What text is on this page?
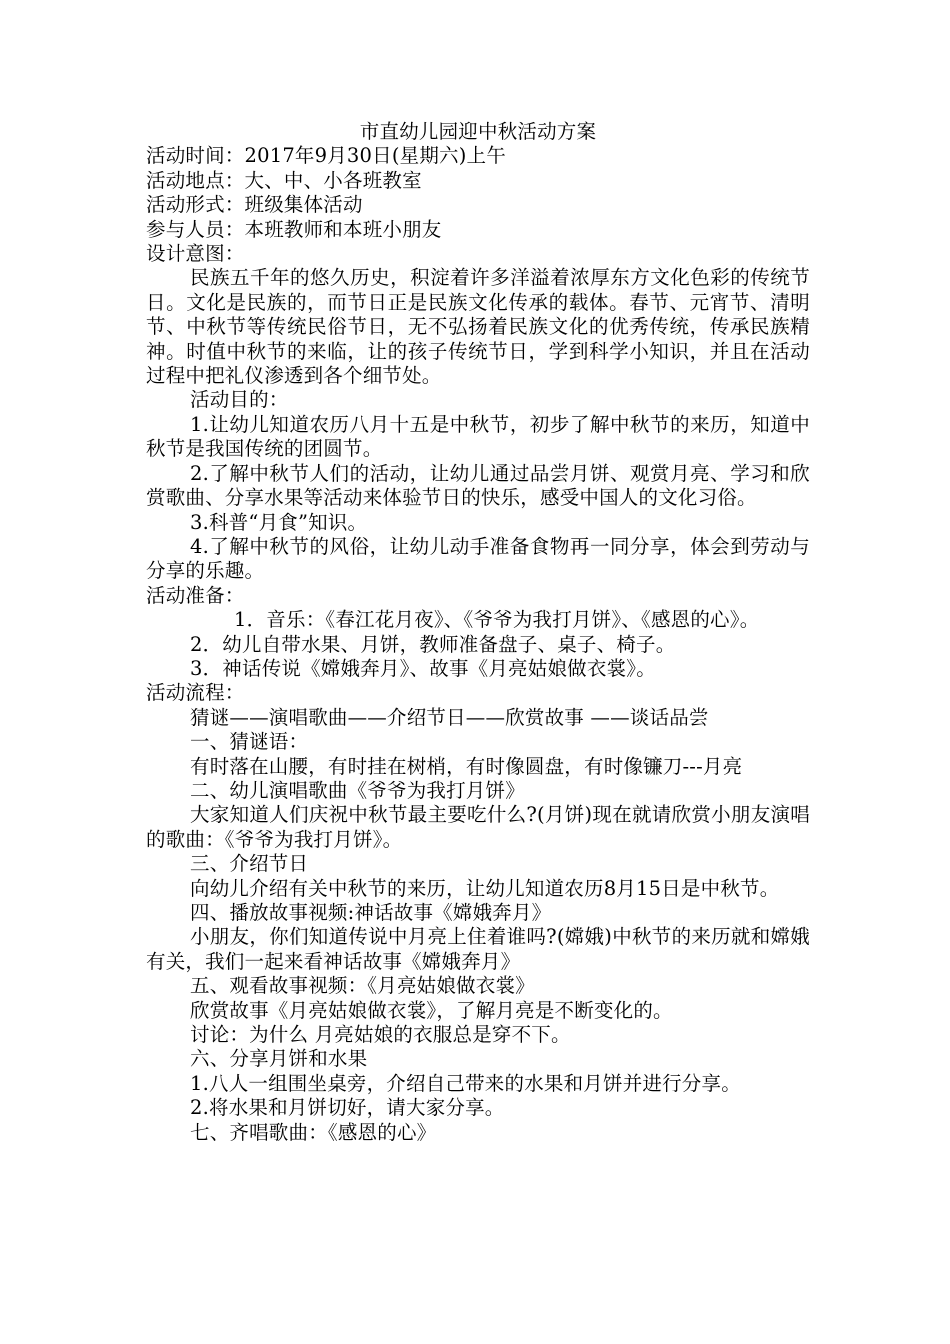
市直幼儿园迎中秋活动方案
活动时间：2017年9月30日(星期六)上午
活动地点：大、中、小各班教室
活动形式：班级集体活动
参与人员：本班教师和本班小朋友
设计意图：

民族五千年的悠久历史，积淀着许多洋溢着浓厚东方文化色彩的传统节日。文化是民族的，而节日正是民族文化传承的载体。春节、元宵节、清明节、中秋节等传统民俗节日，无不弘扬着民族文化的优秀传统，传承民族精神。时值中秋节的来临，让的孩子传统节日，学到科学小知识，并且在活动过程中把礼仪渗透到各个细节处。

活动目的：

1.让幼儿知道农历八月十五是中秋节，初步了解中秋节的来历，知道中秋节是我国传统的团圆节。

2.了解中秋节人们的活动，让幼儿通过品尝月饼、观赏月亮、学习和欣赏歌曲、分享水果等活动来体验节日的快乐，感受中国人的文化习俗。

3.科普“月食”知识。

4.了解中秋节的风俗，让幼儿动手准备食物再一同分享，体会到劳动与分享的乐趣。

活动准备：
1．音乐：《春江花月夜》、《爷爷为我打月饼》、《感恩的心》。
2．幼儿自带水果、月饼，教师准备盘子、桌子、椅子。
3．神话传说《嫦娥奔月》、故事《月亮姑娘做衣裳》。
活动流程：
猜谜——演唱歌曲——介绍节日——欣赏故事 ——谈话品尝
一、猜谜语：
有时落在山腰，有时挂在树梢，有时像圆盘，有时像镰刀---月亮
二、幼儿演唱歌曲《爷爷为我打月饼》

大家知道人们庆祝中秋节最主要吃什么?(月饼)现在就请欣赏小朋友演唱的歌曲：《爷爷为我打月饼》。

三、介绍节日

向幼儿介绍有关中秋节的来历，让幼儿知道农历8月15日是中秋节。

四、播放故事视频:神话故事《嫦娥奔月》

小朋友，你们知道传说中月亮上住着谁吗?(嫦娥)中秋节的来历就和嫦娥有关，我们一起来看神话故事《嫦娥奔月》

五、观看故事视频：《月亮姑娘做衣裳》
欣赏故事《月亮姑娘做衣裳》，了解月亮是不断变化的。
讨论：为什么 月亮姑娘的衣服总是穿不下。
六、分享月饼和水果
1.八人一组围坐桌旁，介绍自己带来的水果和月饼并进行分享。
2.将水果和月饼切好，请大家分享。
七、齐唱歌曲：《感恩的心》
